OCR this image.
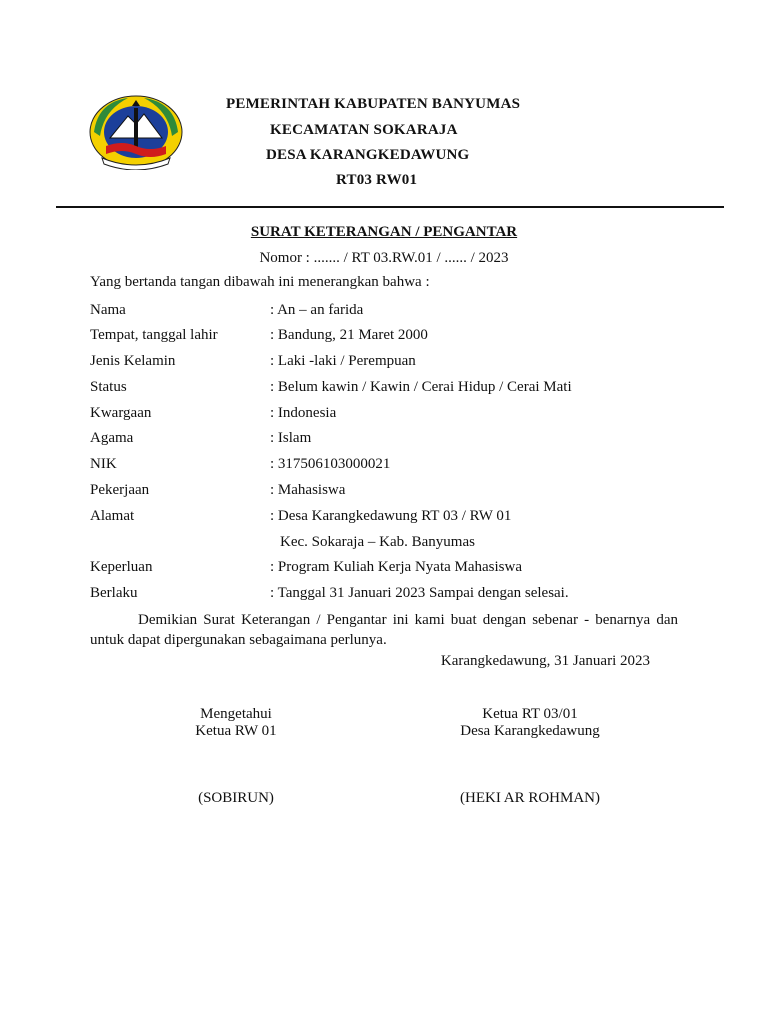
PEMERINTAH KABUPATEN BANYUMAS
KECAMATAN SOKARAJA
DESA KARANGKEDAWUNG
RT03 RW01
SURAT KETERANGAN / PENGANTAR
Nomor : ....... / RT 03.RW.01 / ...... / 2023
Yang bertanda tangan dibawah ini menerangkan bahwa :
Nama	: An – an farida
Tempat, tanggal lahir	: Bandung, 21 Maret 2000
Jenis Kelamin	: Laki -laki / Perempuan
Status	: Belum kawin / Kawin / Cerai Hidup / Cerai Mati
Kwargaan	: Indonesia
Agama	: Islam
NIK	: 317506103000021
Pekerjaan	: Mahasiswa
Alamat	: Desa Karangkedawung RT 03 / RW 01
Kec. Sokaraja – Kab. Banyumas
Keperluan	: Program Kuliah Kerja Nyata Mahasiswa
Berlaku	: Tanggal 31 Januari 2023 Sampai dengan selesai.
Demikian Surat Keterangan / Pengantar ini kami buat dengan sebenar - benarnya dan untuk dapat dipergunakan sebagaimana perlunya.
Karangkedawung, 31 Januari 2023
Mengetahui
Ketua RW 01
(SOBIRUN)
Ketua RT 03/01
Desa Karangkedawung
(HEKI AR ROHMAN)
